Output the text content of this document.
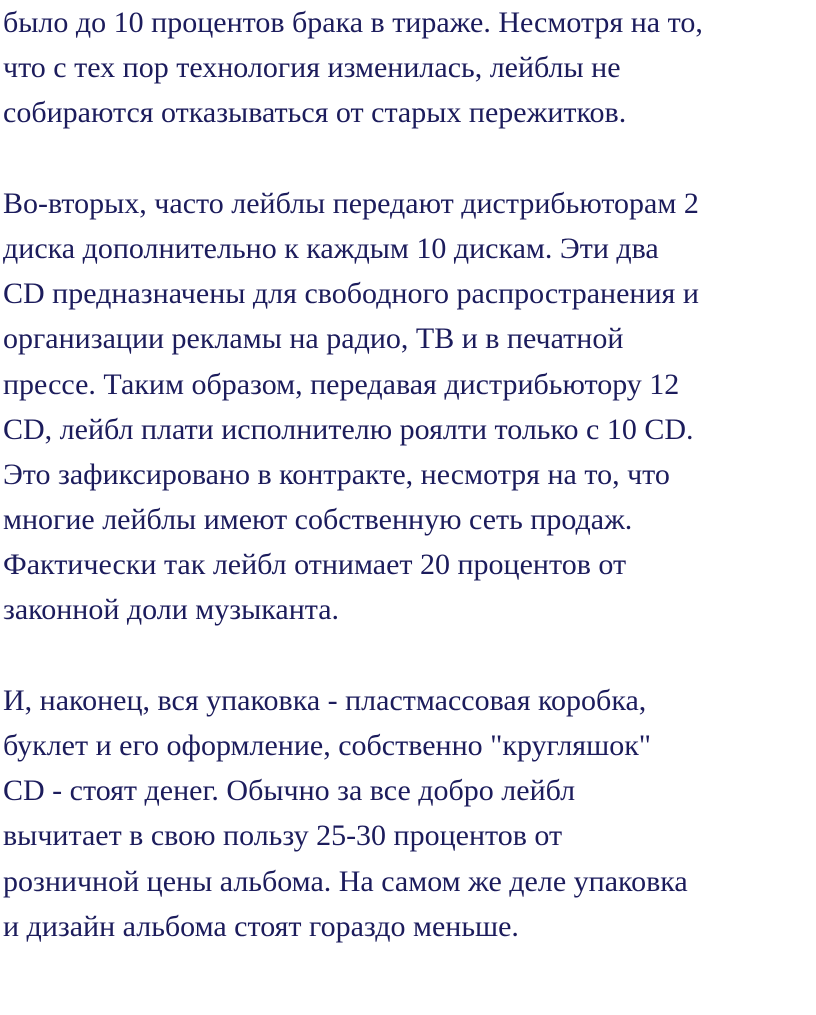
было до 10 процентов брака в тираже. Несмотря на то,
что с тех пор технология изменилась, лейблы не
собираются отказываться от старых пережитков.
Во-вторых, часто лейблы передают дистрибьюторам 2
диска дополнительно к каждым 10 дискам. Эти два
CD предназначены для свободного распространения и
организации рекламы на радио, ТВ и в печатной
прессе. Таким образом, передавая дистрибьютору 12
CD, лейбл плати исполнителю роялти только с 10 CD.
Это зафиксировано в контракте, несмотря на то, что
многие лейблы имеют собственную сеть продаж.
Фактически так лейбл отнимает 20 процентов от
законной доли музыканта.
И, наконец, вся упаковка - пластмассовая коробка,
буклет и его оформление, собственно "кругляшок"
CD - стоят денег. Обычно за все добро лейбл
вычитает в свою пользу 25-30 процентов от
розничной цены альбома. На самом же деле упаковка
и дизайн альбома стоят гораздо меньше.
